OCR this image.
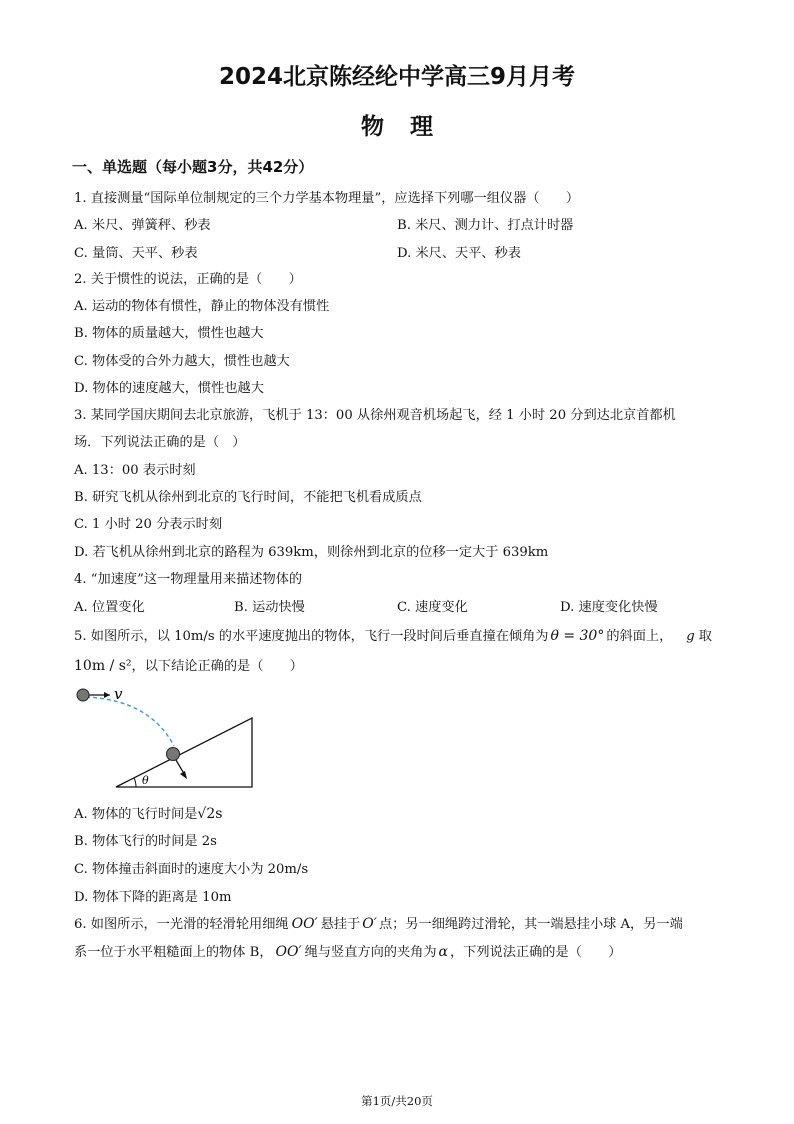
2024北京陈经纶中学高三9月月考
物理
一、单选题（每小题3分，共42分）
1. 直接测量“国际单位制规定的三个力学基本物理量”，应选择下列哪一组仪器（　　）
A. 米尺、弹簧秤、秒表	B. 米尺、测力计、打点计时器
C. 量筒、天平、秒表	D. 米尺、天平、秒表
2. 关于惯性的说法，正确的是（　　）
A. 运动的物体有惯性，静止的物体没有惯性
B. 物体的质量越大，惯性也越大
C. 物体受的合外力越大，惯性也越大
D. 物体的速度越大，惯性也越大
3. 某同学国庆期间去北京旅游，飞机于 13：00 从徐州观音机场起飞，经 1 小时 20 分到达北京首都机
场．下列说法正确的是（　）
A. 13：00 表示时刻
B. 研究飞机从徐州到北京的飞行时间，不能把飞机看成质点
C. 1 小时 20 分表示时刻
D. 若飞机从徐州到北京的路程为 639km，则徐州到北京的位移一定大于 639km
4. “加速度”这一物理量用来描述物体的
A. 位置变化	B. 运动快慢	C. 速度变化	D. 速度变化快慢
5. 如图所示，以 10m/s 的水平速度抛出的物体，飞行一段时间后垂直撞在倾角为 θ = 30° 的斜面上， g 取
10m / s²，以下结论正确的是（　　）
v
θ
A. 物体的飞行时间是√2s
B. 物体飞行的时间是 2s
C. 物体撞击斜面时的速度大小为 20m/s
D. 物体下降的距离是 10m
6. 如图所示，一光滑的轻滑轮用细绳 OO′ 悬挂于 O′ 点；另一细绳跨过滑轮，其一端悬挂小球 A，另一端
系一位于水平粗糙面上的物体 B， OO′ 绳与竖直方向的夹角为 α ，下列说法正确的是（　　）
第1页/共20页
